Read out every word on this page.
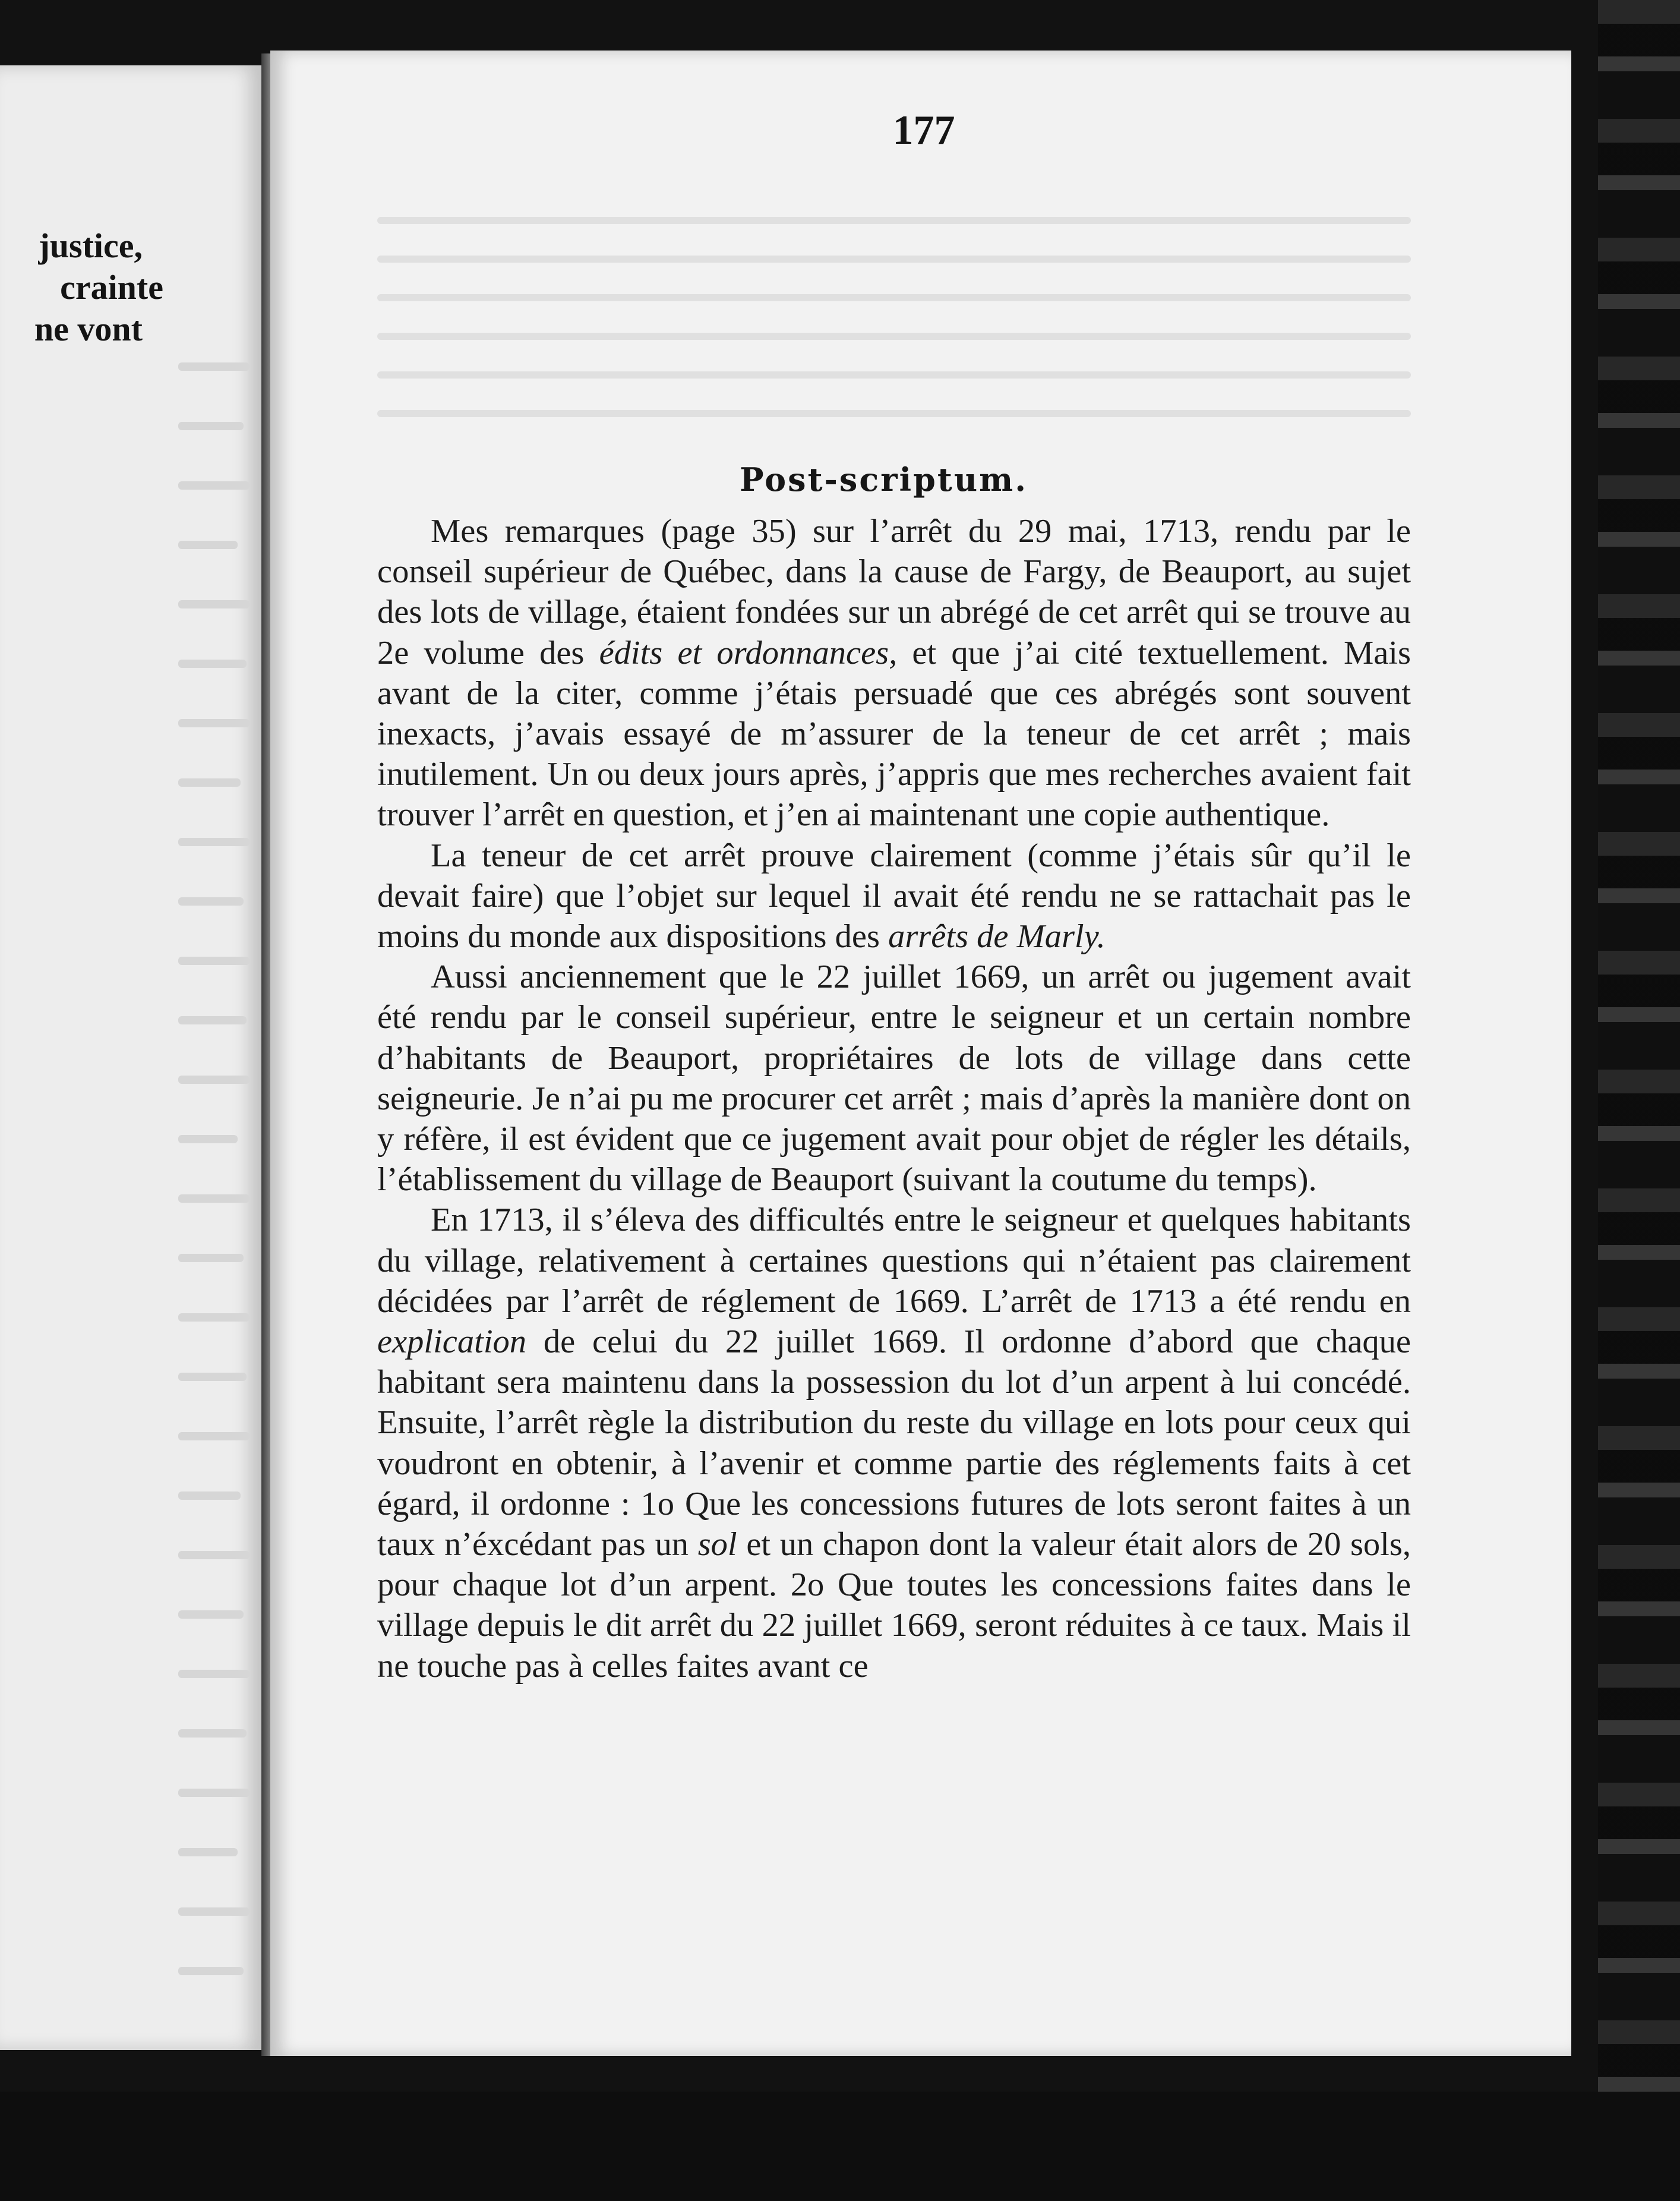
justice,
crainte
ne vont
177
Post-scriptum.

Mes remarques (page 35) sur l’arrêt du 29 mai, 1713, rendu par le conseil supérieur de Québec, dans la cause de Fargy, de Beauport, au sujet des lots de village, étaient fondées sur un abrégé de cet arrêt qui se trouve au 2e volume des édits et ordonnances, et que j’ai cité textuellement. Mais avant de la citer, comme j’étais persuadé que ces abrégés sont souvent inexacts, j’avais essayé de m’assurer de la teneur de cet arrêt ; mais inutilement. Un ou deux jours après, j’appris que mes recherches avaient fait trouver l’arrêt en question, et j’en ai maintenant une copie authentique.

La teneur de cet arrêt prouve clairement (comme j’étais sûr qu’il le devait faire) que l’objet sur lequel il avait été rendu ne se rattachait pas le moins du monde aux dispositions des arrêts de Marly.

Aussi anciennement que le 22 juillet 1669, un arrêt ou jugement avait été rendu par le conseil supérieur, entre le seigneur et un certain nombre d’habitants de Beauport, propriétaires de lots de village dans cette seigneurie. Je n’ai pu me procurer cet arrêt ; mais d’après la manière dont on y réfère, il est évident que ce jugement avait pour objet de régler les détails, l’établissement du village de Beauport (suivant la coutume du temps).

En 1713, il s’éleva des difficultés entre le seigneur et quelques habitants du village, relativement à certaines questions qui n’étaient pas clairement décidées par l’arrêt de réglement de 1669. L’arrêt de 1713 a été rendu en explication de celui du 22 juillet 1669. Il ordonne d’abord que chaque habitant sera maintenu dans la possession du lot d’un arpent à lui concédé. Ensuite, l’arrêt règle la distribution du reste du village en lots pour ceux qui voudront en obtenir, à l’avenir et comme partie des réglements faits à cet égard, il ordonne : 1o Que les concessions futures de lots seront faites à un taux n’éxcédant pas un sol et un chapon dont la valeur était alors de 20 sols, pour chaque lot d’un arpent. 2o Que toutes les concessions faites dans le village depuis le dit arrêt du 22 juillet 1669, seront réduites à ce taux. Mais il ne touche pas à celles faites avant ce
